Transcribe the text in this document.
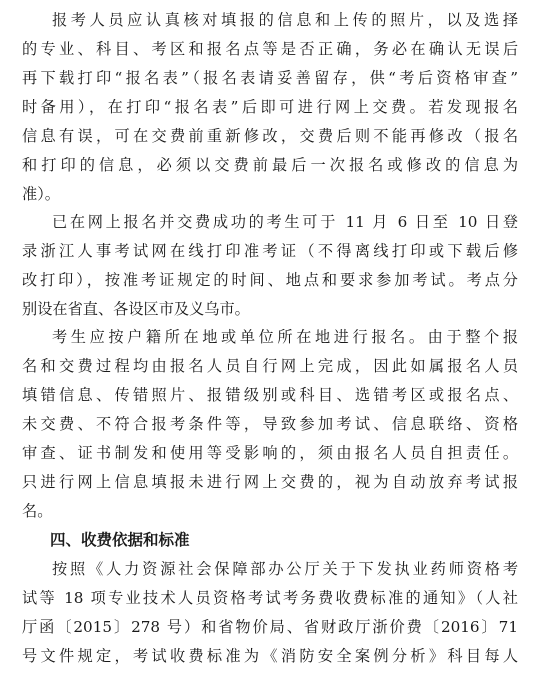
报考人员应认真核对填报的信息和上传的照片，以及选择
的专业、科目、考区和报名点等是否正确，务必在确认无误后
再下载打印“报名表”（报名表请妥善留存，供“考后资格审查”
时备用），在打印“报名表”后即可进行网上交费。若发现报名
信息有误，可在交费前重新修改，交费后则不能再修改（报名
和打印的信息，必须以交费前最后一次报名或修改的信息为
准）。
已在网上报名并交费成功的考生可于 11 月 6 日至 10 日登
录浙江人事考试网在线打印准考证（不得离线打印或下载后修
改打印），按准考证规定的时间、地点和要求参加考试。考点分
别设在省直、各设区市及义乌市。
考生应按户籍所在地或单位所在地进行报名。由于整个报
名和交费过程均由报名人员自行网上完成，因此如属报名人员
填错信息、传错照片、报错级别或科目、选错考区或报名点、
未交费、不符合报考条件等，导致参加考试、信息联络、资格
审查、证书制发和使用等受影响的，须由报名人员自担责任。
只进行网上信息填报未进行网上交费的，视为自动放弃考试报
名。
四、收费依据和标准
按照《人力资源社会保障部办公厅关于下发执业药师资格考
试等 18 项专业技术人员资格考试考务费收费标准的通知》（人社
厅函〔2015〕278 号）和省物价局、省财政厅浙价费〔2016〕71
号文件规定，考试收费标准为《消防安全案例分析》科目每人
